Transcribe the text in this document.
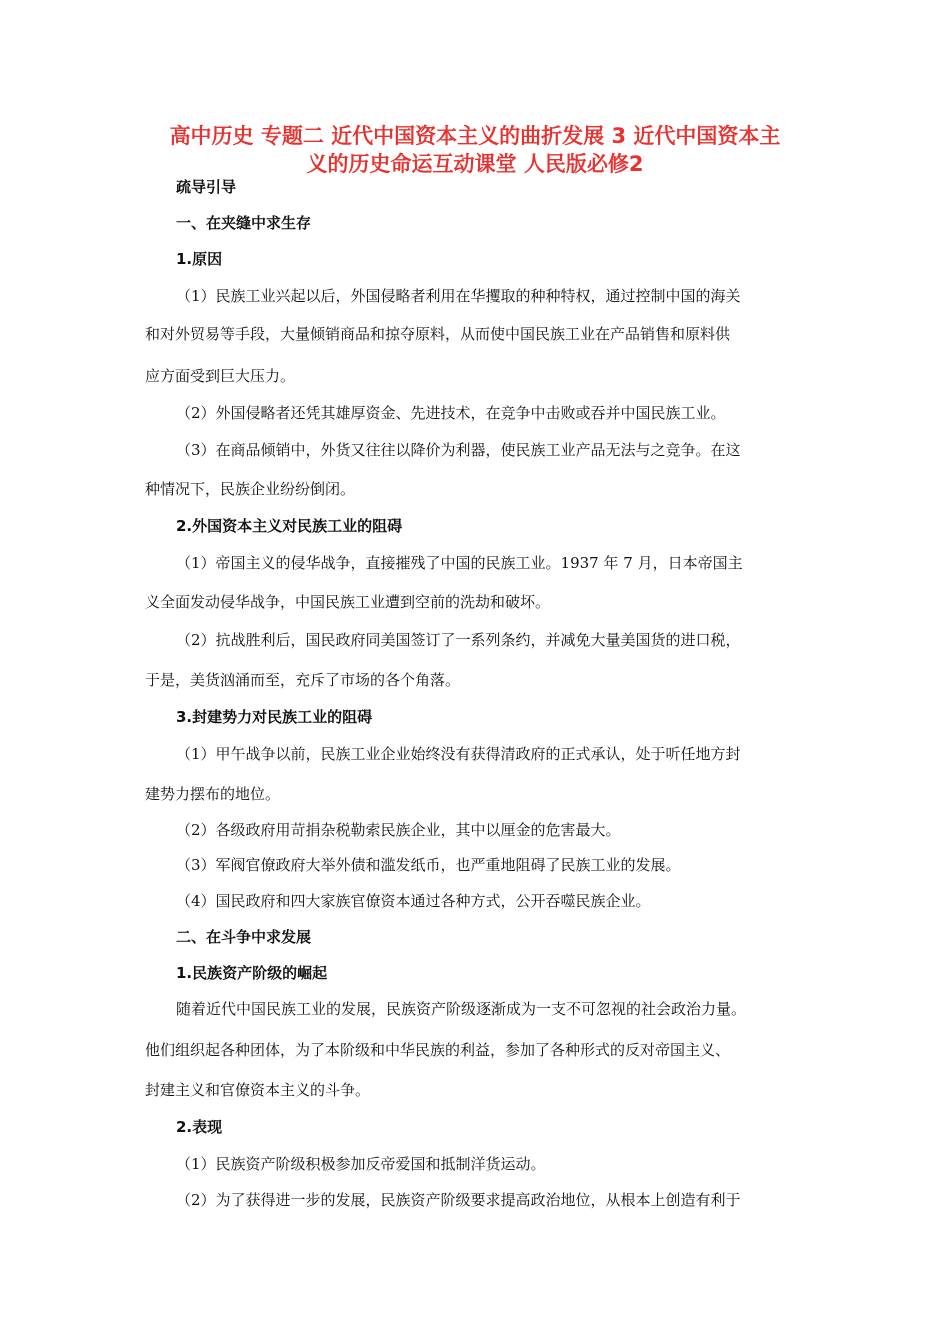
高中历史 专题二 近代中国资本主义的曲折发展 3 近代中国资本主
义的历史命运互动课堂 人民版必修2
疏导引导
一、在夹缝中求生存
1.原因
（1）民族工业兴起以后，外国侵略者利用在华攫取的种种特权，通过控制中国的海关
和对外贸易等手段，大量倾销商品和掠夺原料，从而使中国民族工业在产品销售和原料供
应方面受到巨大压力。
（2）外国侵略者还凭其雄厚资金、先进技术，在竞争中击败或吞并中国民族工业。
（3）在商品倾销中，外货又往往以降价为利器，使民族工业产品无法与之竞争。在这
种情况下，民族企业纷纷倒闭。
2.外国资本主义对民族工业的阻碍
（1）帝国主义的侵华战争，直接摧残了中国的民族工业。1937 年 7 月，日本帝国主
义全面发动侵华战争，中国民族工业遭到空前的洗劫和破坏。
（2）抗战胜利后，国民政府同美国签订了一系列条约，并减免大量美国货的进口税，
于是，美货汹涌而至，充斥了市场的各个角落。
3.封建势力对民族工业的阻碍
（1）甲午战争以前，民族工业企业始终没有获得清政府的正式承认，处于听任地方封
建势力摆布的地位。
（2）各级政府用苛捐杂税勒索民族企业，其中以厘金的危害最大。
（3）军阀官僚政府大举外债和滥发纸币，也严重地阻碍了民族工业的发展。
（4）国民政府和四大家族官僚资本通过各种方式，公开吞噬民族企业。
二、在斗争中求发展
1.民族资产阶级的崛起
随着近代中国民族工业的发展，民族资产阶级逐渐成为一支不可忽视的社会政治力量。
他们组织起各种团体，为了本阶级和中华民族的利益，参加了各种形式的反对帝国主义、
封建主义和官僚资本主义的斗争。
2.表现
（1）民族资产阶级积极参加反帝爱国和抵制洋货运动。
（2）为了获得进一步的发展，民族资产阶级要求提高政治地位，从根本上创造有利于
